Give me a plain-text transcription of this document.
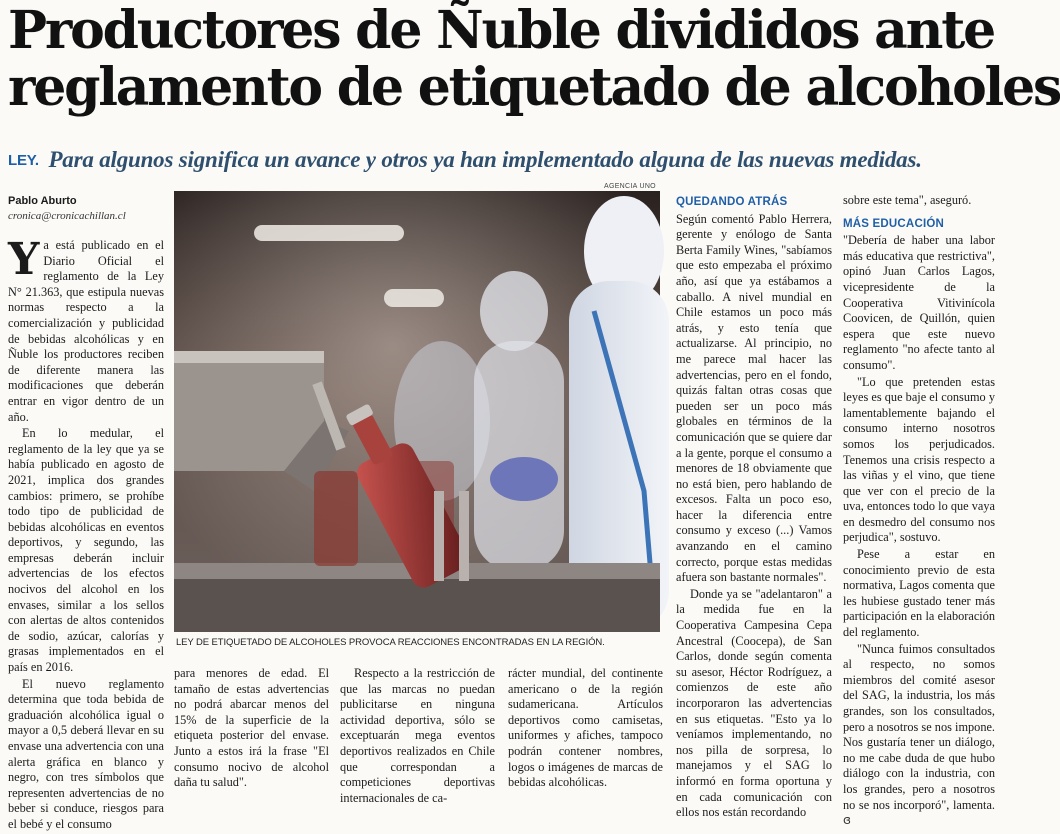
Productores de Ñuble divididos ante
reglamento de etiquetado de alcoholes
LEY. Para algunos significa un avance y otros ya han implementado alguna de las nuevas medidas.
Pablo Aburto
cronica@cronicachillan.cl
AGENCIA UNO
LEY DE ETIQUETADO DE ALCOHOLES PROVOCA REACCIONES ENCONTRADAS EN LA REGIÓN.

Ya está publicado en el Diario Oficial el reglamento de la Ley N° 21.363, que estipula nuevas normas respecto a la comercialización y publicidad de bebidas alcohólicas y en Ñuble los productores reciben de diferente manera las modificaciones que deberán entrar en vigor dentro de un año.

En lo medular, el reglamento de la ley que ya se había publicado en agosto de 2021, implica dos grandes cambios: primero, se prohíbe todo tipo de publicidad de bebidas alcohólicas en eventos deportivos, y segundo, las empresas deberán incluir advertencias de los efectos nocivos del alcohol en los envases, similar a los sellos con alertas de altos contenidos de sodio, azúcar, calorías y grasas implementados en el país en 2016.

El nuevo reglamento determina que toda bebida de graduación alcohólica igual o mayor a 0,5 deberá llevar en su envase una advertencia con una alerta gráfica en blanco y negro, con tres símbolos que representen advertencias de no beber si conduce, riesgos para el bebé y el consumo

para menores de edad. El tamaño de estas advertencias no podrá abarcar menos del 15% de la superficie de la etiqueta posterior del envase. Junto a estos irá la frase "El consumo nocivo de alcohol daña tu salud".

Respecto a la restricción de que las marcas no puedan publicitarse en ninguna actividad deportiva, sólo se exceptuarán mega eventos deportivos realizados en Chile que correspondan a competiciones deportivas internacionales de ca-

rácter mundial, del continente americano o de la región sudamericana. Artículos deportivos como camisetas, uniformes y afiches, tampoco podrán contener nombres, logos o imágenes de marcas de bebidas alcohólicas.

QUEDANDO ATRÁS

Según comentó Pablo Herrera, gerente y enólogo de Santa Berta Family Wines, "sabíamos que esto empezaba el próximo año, así que ya estábamos a caballo. A nivel mundial en Chile estamos un poco más atrás, y esto tenía que actualizarse. Al principio, no me parece mal hacer las advertencias, pero en el fondo, quizás faltan otras cosas que pueden ser un poco más globales en términos de la comunicación que se quiere dar a la gente, porque el consumo a menores de 18 obviamente que no está bien, pero hablando de excesos. Falta un poco eso, hacer la diferencia entre consumo y exceso (...) Vamos avanzando en el camino correcto, porque estas medidas afuera son bastante normales".

Donde ya se "adelantaron" a la medida fue en la Cooperativa Campesina Cepa Ancestral (Coocepa), de San Carlos, donde según comenta su asesor, Héctor Rodríguez, a comienzos de este año incorporaron las advertencias en sus etiquetas. "Esto ya lo veníamos implementando, no nos pilla de sorpresa, lo manejamos y el SAG lo informó en forma oportuna y en cada comunicación con ellos nos están recordando

sobre este tema", aseguró.

MÁS EDUCACIÓN

"Debería de haber una labor más educativa que restrictiva", opinó Juan Carlos Lagos, vicepresidente de la Cooperativa Vitivinícola Coovicen, de Quillón, quien espera que este nuevo reglamento "no afecte tanto al consumo".

"Lo que pretenden estas leyes es que baje el consumo y lamentablemente bajando el consumo interno nosotros somos los perjudicados. Tenemos una crisis respecto a las viñas y el vino, que tiene que ver con el precio de la uva, entonces todo lo que vaya en desmedro del consumo nos perjudica", sostuvo.

Pese a estar en conocimiento previo de esta normativa, Lagos comenta que les hubiese gustado tener más participación en la elaboración del reglamento.

"Nunca fuimos consultados al respecto, no somos miembros del comité asesor del SAG, la industria, los más grandes, son los consultados, pero a nosotros se nos impone. Nos gustaría tener un diálogo, no me cabe duda de que hubo diálogo con la industria, con los grandes, pero a nosotros no se nos incorporó", lamenta. ɞ
